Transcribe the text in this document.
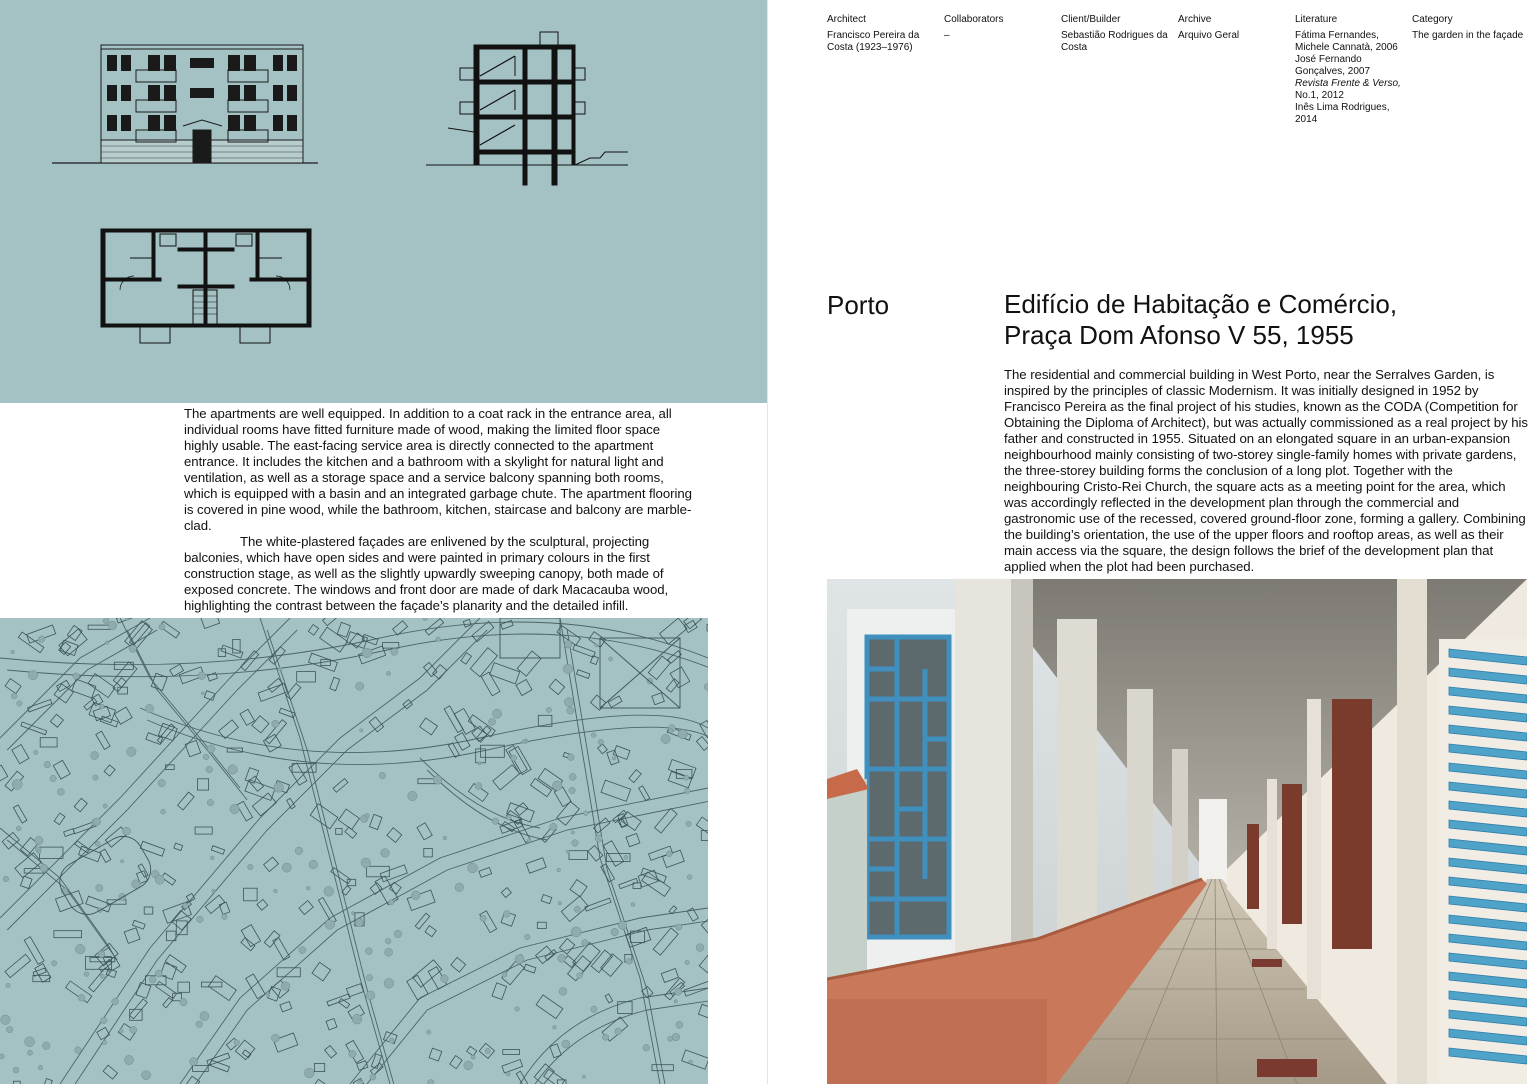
The apartments are well equipped. In addition to a coat rack in the entrance area, all individual rooms have fitted furniture made of wood, making the limited floor space highly usable. The east-facing service area is directly connected to the apartment entrance. It includes the kitchen and a bathroom with a skylight for natural light and ventilation, as well as a storage space and a service balcony spanning both rooms, which is equipped with a basin and an integrated garbage chute. The apartment flooring is covered in pine wood, while the bathroom, kitchen, staircase and balcony are marble-clad.

The white-plastered façades are enlivened by the sculptural, projecting balconies, which have open sides and were painted in primary colours in the first construction stage, as well as the slightly upwardly sweeping canopy, both made of exposed concrete. The windows and front door are made of dark Macacauba wood, highlighting the contrast between the façade’s planarity and the detailed infill.

Architect
Francisco Pereira da Costa (1923–1976)
Collaborators
–
Client/Builder
Sebastião Rodrigues da Costa
Archive
Arquivo Geral
Literature
Fátima Fernandes, Michele Cannatà, 2006
José Fernando Gonçalves, 2007
Revista Frente & Verso,
No.1, 2012
Inês Lima Rodrigues, 2014
Category
The garden in the façade
Porto	Edifício de Habitação e Comércio,
Praça Dom Afonso V 55, 1955

The residential and commercial building in West Porto, near the Serralves Garden, is inspired by the principles of classic Modernism. It was initially designed in 1952 by Francisco Pereira as the final project of his studies, known as the CODA (Competition for Obtaining the Diploma of Architect), but was actually commissioned as a real project by his father and constructed in 1955. Situated on an elongated square in an urban-expansion neighbourhood mainly consisting of two-storey single-family homes with private gardens, the three-storey building forms the conclusion of a long plot. Together with the neighbouring Cristo-Rei Church, the square acts as a meeting point for the area, which was accordingly reflected in the development plan through the commercial and gastronomic use of the recessed, covered ground-floor zone, forming a gallery. Combining the building’s orientation, the use of the upper floors and rooftop areas, as well as their main access via the square, the design follows the brief of the development plan that applied when the plot had been purchased.
